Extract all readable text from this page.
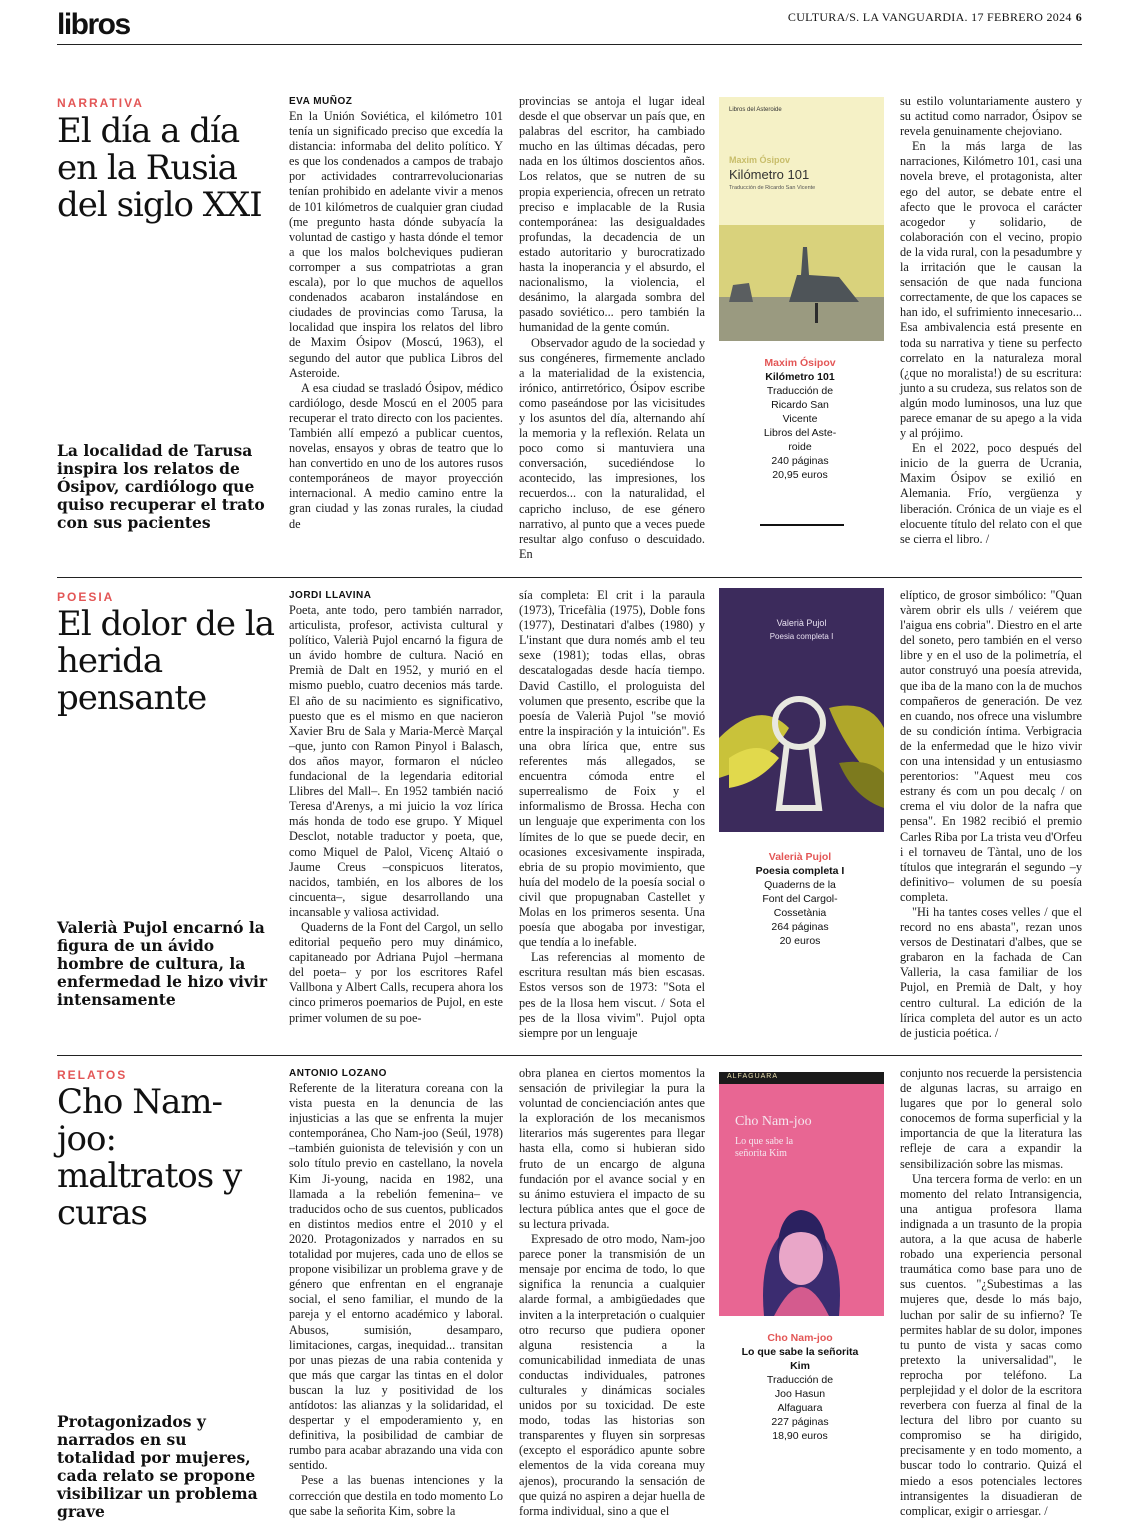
libros	CULTURA/S. LA VANGUARDIA. 17 FEBRERO 2024 6
NARRATIVA
El día a día en la Rusia del siglo XXI
La localidad de Tarusa inspira los relatos de Ósipov, cardiólogo que quiso recuperar el trato con sus pacientes
EVA MUÑOZ

En la Unión Soviética, el kilómetro 101 tenía un significado preciso que excedía la distancia: informaba del delito político. Y es que los condenados a campos de trabajo por actividades contrarrevolucionarias tenían prohibido en adelante vivir a menos de 101 kilómetros de cualquier gran ciudad (me pregunto hasta dónde subyacía la voluntad de castigo y hasta dónde el temor a que los malos bolcheviques pudieran corromper a sus compatriotas a gran escala), por lo que muchos de aquellos condenados acabaron instalándose en ciudades de provincias como Tarusa, la localidad que inspira los relatos del libro de Maxim Ósipov (Moscú, 1963), el segundo del autor que publica Libros del Asteroide.

A esa ciudad se trasladó Ósipov, médico cardiólogo, desde Moscú en el 2005 para recuperar el trato directo con los pacientes. También allí empezó a publicar cuentos, novelas, ensayos y obras de teatro que lo han convertido en uno de los autores rusos contemporáneos de mayor proyección internacional. A medio camino entre la gran ciudad y las zonas rurales, la ciudad de

provincias se antoja el lugar ideal desde el que observar un país que, en palabras del escritor, ha cambiado mucho en las últimas décadas, pero nada en los últimos doscientos años. Los relatos, que se nutren de su propia experiencia, ofrecen un retrato preciso e implacable de la Rusia contemporánea: las desigualdades profundas, la decadencia de un estado autoritario y burocratizado hasta la inoperancia y el absurdo, el nacionalismo, la violencia, el desánimo, la alargada sombra del pasado soviético... pero también la humanidad de la gente común.

Observador agudo de la sociedad y sus congéneres, firmemente anclado a la materialidad de la existencia, irónico, antirretórico, Ósipov escribe como paseándose por las vicisitudes y los asuntos del día, alternando ahí la memoria y la reflexión. Relata un poco como si mantuviera una conversación, sucediéndose lo acontecido, las impresiones, los recuerdos... con la naturalidad, el capricho incluso, de ese género narrativo, al punto que a veces puede resultar algo confuso o descuidado. En

Libros del Asteroide
Maxim Ósipov
Kilómetro 101
Traducción de Ricardo San Vicente
Maxim Ósipov
Kilómetro 101
Traducción de
Ricardo San
Vicente
Libros del Aste-
roide
240 páginas
20,95 euros

su estilo voluntariamente austero y su actitud como narrador, Ósipov se revela genuinamente chejoviano.

En la más larga de las narraciones, Kilómetro 101, casi una novela breve, el protagonista, alter ego del autor, se debate entre el afecto que le provoca el carácter acogedor y solidario, de colaboración con el vecino, propio de la vida rural, con la pesadumbre y la irritación que le causan la sensación de que nada funciona correctamente, de que los capaces se han ido, el sufrimiento innecesario... Esa ambivalencia está presente en toda su narrativa y tiene su perfecto correlato en la naturaleza moral (¿que no moralista!) de su escritura: junto a su crudeza, sus relatos son de algún modo luminosos, una luz que parece emanar de su apego a la vida y al prójimo.

En el 2022, poco después del inicio de la guerra de Ucrania, Maxim Ósipov se exilió en Alemania. Frío, vergüenza y liberación. Crónica de un viaje es el elocuente título del relato con el que se cierra el libro. /

POESIA
El dolor de la herida pensante
Valerià Pujol encarnó la figura de un ávido hombre de cultura, la enfermedad le hizo vivir intensamente
JORDI LLAVINA

Poeta, ante todo, pero también narrador, articulista, profesor, activista cultural y político, Valerià Pujol encarnó la figura de un ávido hombre de cultura. Nació en Premià de Dalt en 1952, y murió en el mismo pueblo, cuatro decenios más tarde. El año de su nacimiento es significativo, puesto que es el mismo en que nacieron Xavier Bru de Sala y Maria-Mercè Marçal –que, junto con Ramon Pinyol i Balasch, dos años mayor, formaron el núcleo fundacional de la legendaria editorial Llibres del Mall–. En 1952 también nació Teresa d'Arenys, a mi juicio la voz lírica más honda de todo ese grupo. Y Miquel Desclot, notable traductor y poeta, que, como Miquel de Palol, Vicenç Altaió o Jaume Creus –conspicuos literatos, nacidos, también, en los albores de los cincuenta–, sigue desarrollando una incansable y valiosa actividad.

Quaderns de la Font del Cargol, un sello editorial pequeño pero muy dinámico, capitaneado por Adriana Pujol –hermana del poeta– y por los escritores Rafel Vallbona y Albert Calls, recupera ahora los cinco primeros poemarios de Pujol, en este primer volumen de su poe-

sía completa: El crit i la paraula (1973), Tricefàlia (1975), Doble fons (1977), Destinatari d'albes (1980) y L'instant que dura només amb el teu sexe (1981); todas ellas, obras descatalogadas desde hacía tiempo. David Castillo, el prologuista del volumen que presento, escribe que la poesía de Valerià Pujol "se movió entre la inspiración y la intuición". Es una obra lírica que, entre sus referentes más allegados, se encuentra cómoda entre el superrealismo de Foix y el informalismo de Brossa. Hecha con un lenguaje que experimenta con los límites de lo que se puede decir, en ocasiones excesivamente inspirada, ebria de su propio movimiento, que huía del modelo de la poesía social o civil que propugnaban Castellet y Molas en los primeros sesenta. Una poesía que abogaba por investigar, que tendía a lo inefable.

Las referencias al momento de escritura resultan más bien escasas. Estos versos son de 1973: "Sota el pes de la llosa hem viscut. / Sota el pes de la llosa vivim". Pujol opta siempre por un lenguaje

Valerià Pujol
Poesia completa I
Valerià Pujol
Poesia completa I
Quaderns de la
Font del Cargol-
Cossetània
264 páginas
20 euros

elíptico, de grosor simbólico: "Quan vàrem obrir els ulls / veiérem que l'aigua ens cobria". Diestro en el arte del soneto, pero también en el verso libre y en el uso de la polimetría, el autor construyó una poesía atrevida, que iba de la mano con la de muchos compañeros de generación. De vez en cuando, nos ofrece una vislumbre de su condición íntima. Verbigracia de la enfermedad que le hizo vivir con una intensidad y un entusiasmo perentorios: "Aquest meu cos estrany és com un pou decalç / on crema el viu dolor de la nafra que pensa". En 1982 recibió el premio Carles Riba por La trista veu d'Orfeu i el tornaveu de Tàntal, uno de los títulos que integrarán el segundo –y definitivo– volumen de su poesía completa.

"Hi ha tantes coses velles / que el record no ens abasta", rezan unos versos de Destinatari d'albes, que se grabaron en la fachada de Can Valleria, la casa familiar de los Pujol, en Premià de Dalt, y hoy centro cultural. La edición de la lírica completa del autor es un acto de justicia poética. /

RELATOS
Cho Nam-joo: maltratos y curas
Protagonizados y narrados en su totalidad por mujeres, cada relato se propone visibilizar un problema grave
ANTONIO LOZANO

Referente de la literatura coreana con la vista puesta en la denuncia de las injusticias a las que se enfrenta la mujer contemporánea, Cho Nam-joo (Seúl, 1978) –también guionista de televisión y con un solo título previo en castellano, la novela Kim Ji-young, nacida en 1982, una llamada a la rebelión femenina– ve traducidos ocho de sus cuentos, publicados en distintos medios entre el 2010 y el 2020. Protagonizados y narrados en su totalidad por mujeres, cada uno de ellos se propone visibilizar un problema grave y de género que enfrentan en el engranaje social, el seno familiar, el mundo de la pareja y el entorno académico y laboral. Abusos, sumisión, desamparo, limitaciones, cargas, inequidad... transitan por unas piezas de una rabia contenida y que más que cargar las tintas en el dolor buscan la luz y positividad de los antídotos: las alianzas y la solidaridad, el despertar y el empoderamiento y, en definitiva, la posibilidad de cambiar de rumbo para acabar abrazando una vida con sentido.

Pese a las buenas intenciones y la corrección que destila en todo momento Lo que sabe la señorita Kim, sobre la

obra planea en ciertos momentos la sensación de privilegiar la pura la voluntad de concienciación antes que la exploración de los mecanismos literarios más sugerentes para llegar hasta ella, como si hubieran sido fruto de un encargo de alguna fundación por el avance social y en su ánimo estuviera el impacto de su lectura pública antes que el goce de su lectura privada.

Expresado de otro modo, Nam-joo parece poner la transmisión de un mensaje por encima de todo, lo que significa la renuncia a cualquier alarde formal, a ambigüedades que inviten a la interpretación o cualquier otro recurso que pudiera oponer alguna resistencia a la comunicabilidad inmediata de unas conductas individuales, patrones culturales y dinámicas sociales unidos por su toxicidad. De este modo, todas las historias son transparentes y fluyen sin sorpresas (excepto el esporádico apunte sobre elementos de la vida coreana muy ajenos), procurando la sensación de que quizá no aspiren a dejar huella de forma individual, sino a que el

ALFAGUARA
Cho Nam-joo
Lo que sabe la señorita Kim
Cho Nam-joo
Lo que sabe la señorita Kim
Traducción de
Joo Hasun
Alfaguara
227 páginas
18,90 euros

conjunto nos recuerde la persistencia de algunas lacras, su arraigo en lugares que por lo general solo conocemos de forma superficial y la importancia de que la literatura las refleje de cara a expandir la sensibilización sobre las mismas.

Una tercera forma de verlo: en un momento del relato Intransigencia, una antigua profesora llama indignada a un trasunto de la propia autora, a la que acusa de haberle robado una experiencia personal traumática como base para uno de sus cuentos. "¿Subestimas a las mujeres que, desde lo más bajo, luchan por salir de su infierno? Te permites hablar de su dolor, impones tu punto de vista y sacas como pretexto la universalidad", le reprocha por teléfono. La perplejidad y el dolor de la escritora reverbera con fuerza al final de la lectura del libro por cuanto su compromiso se ha dirigido, precisamente y en todo momento, a buscar todo lo contrario. Quizá el miedo a esos potenciales lectores intransigentes la disuadieran de complicar, exigir o arriesgar. /
